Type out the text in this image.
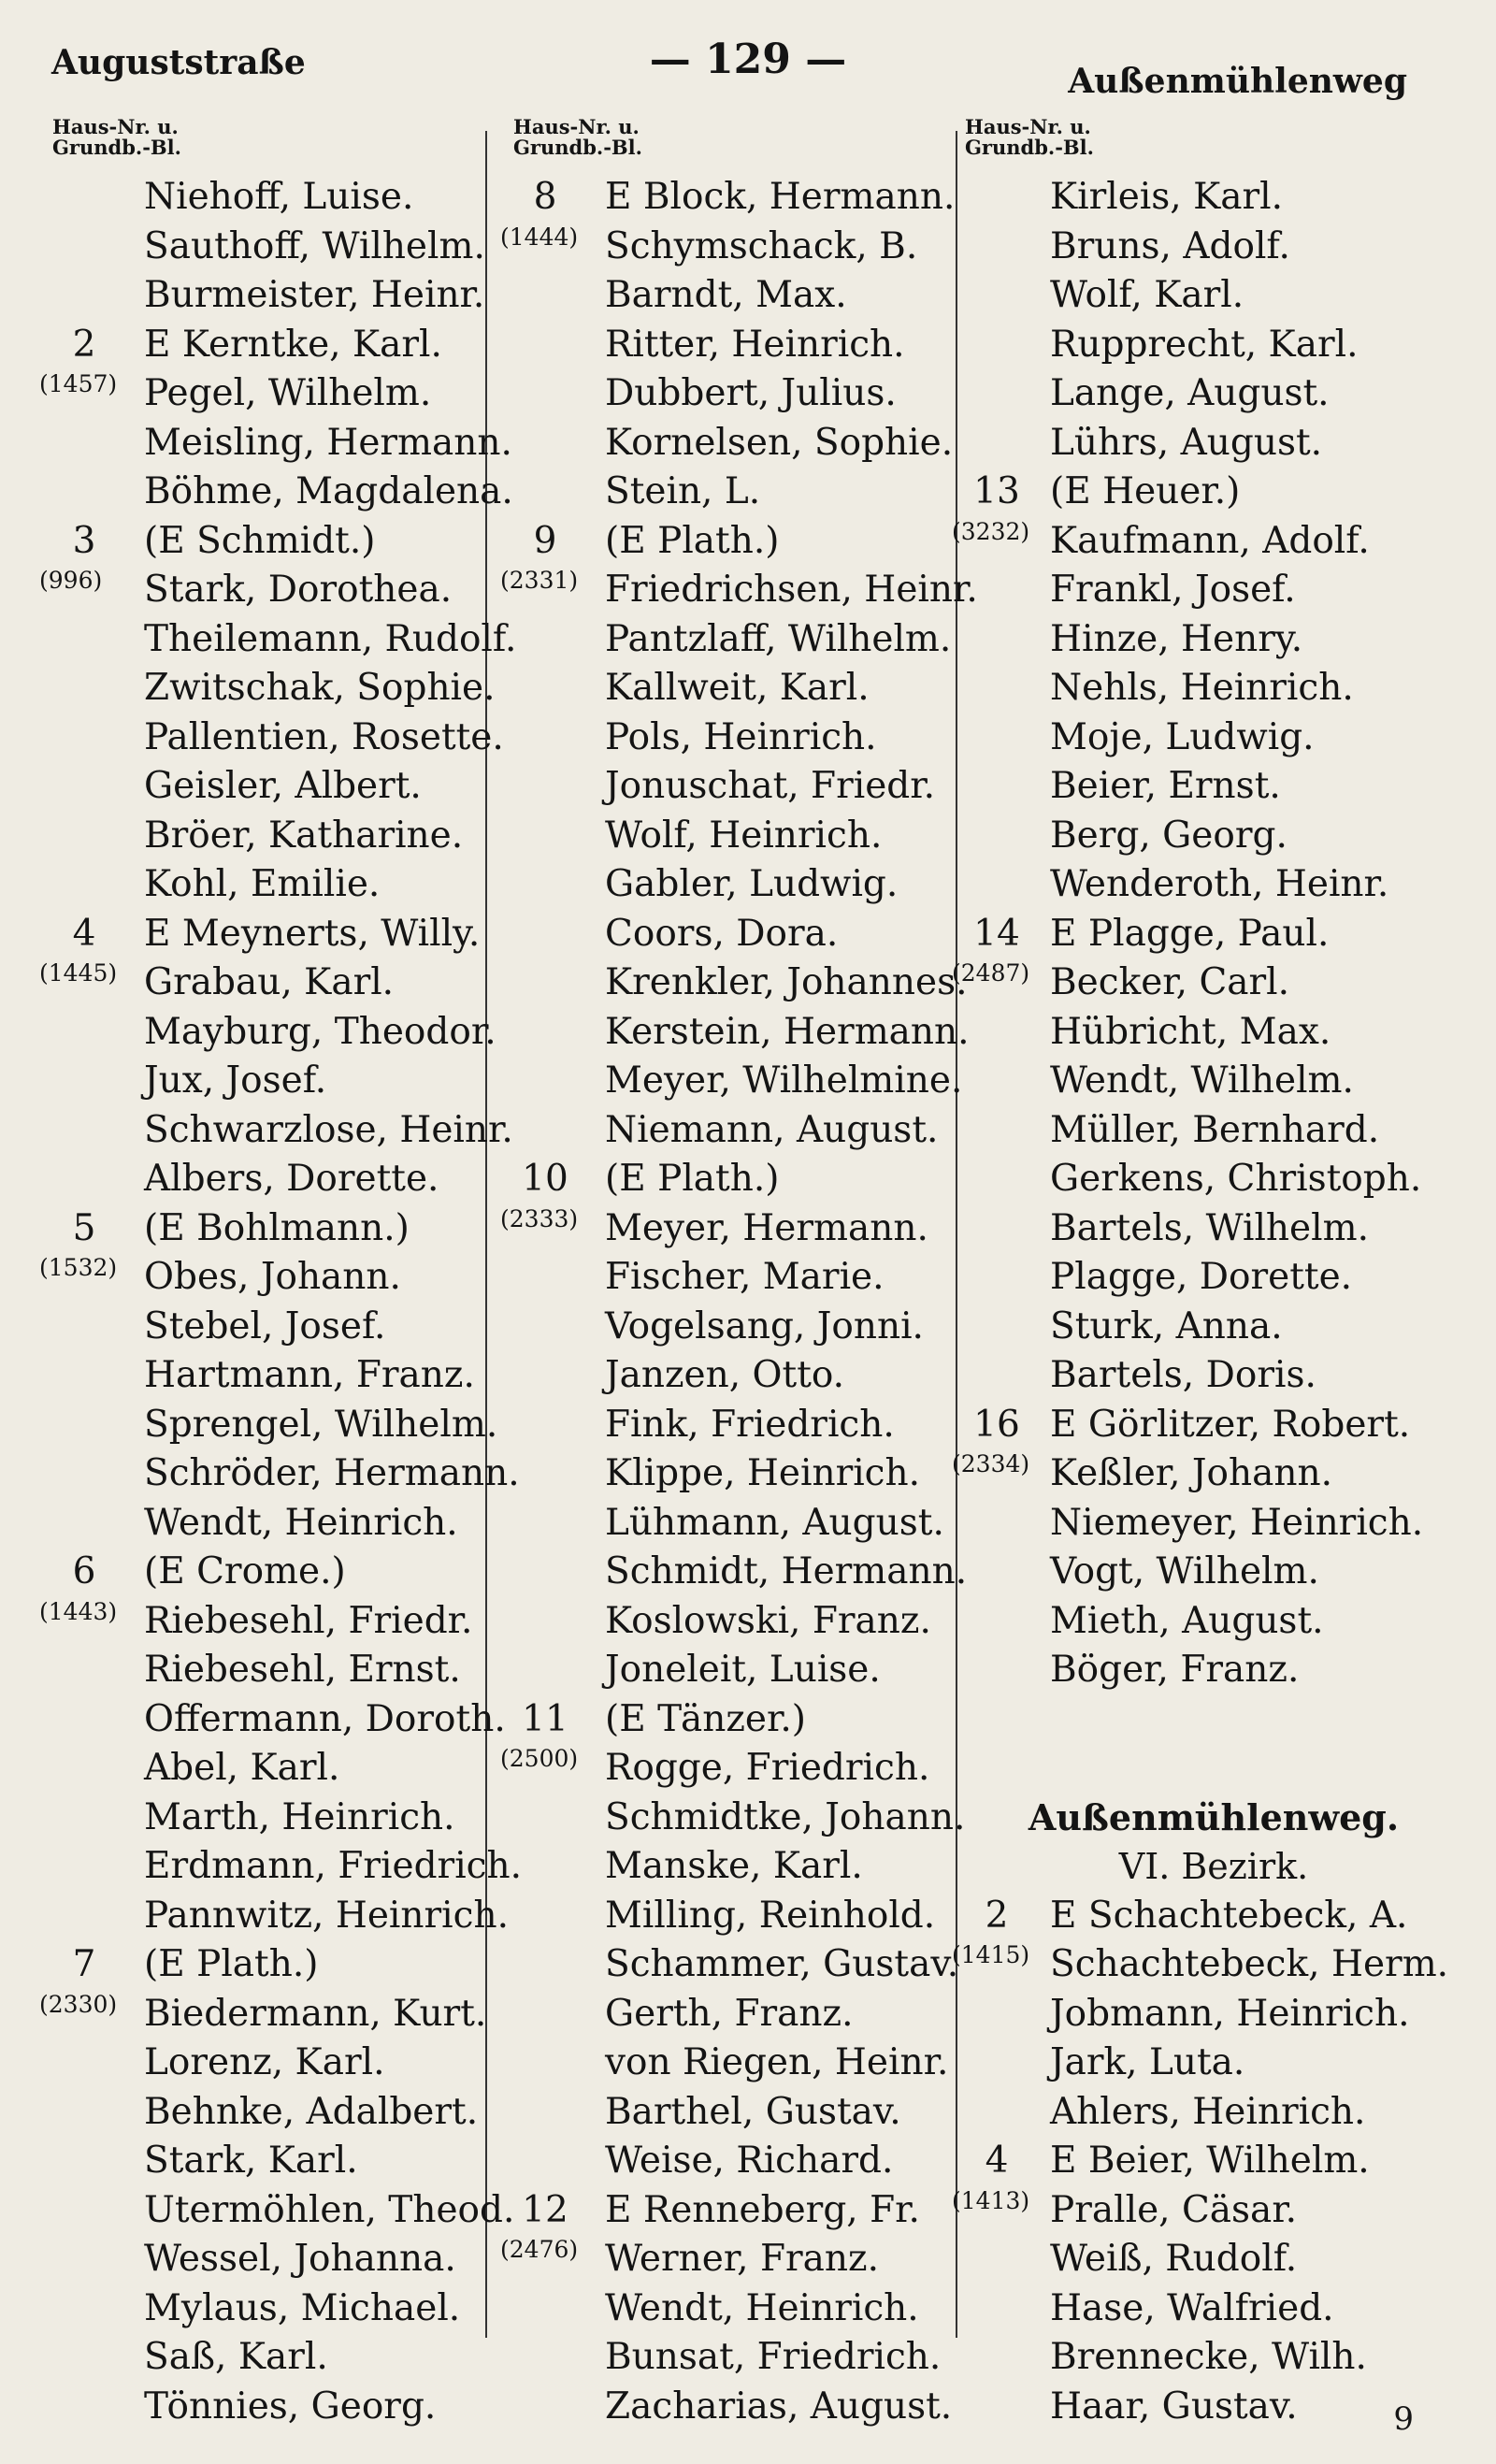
Auguststraße	— 129 —	Außenmühlenweg
Haus-Nr. u.
Grundb.-Bl.
Niehoff, Luise.
Sauthoff, Wilhelm.
Burmeister, Heinr.
2	E Kerntke, Karl.
(1457) Pegel, Wilhelm.
Meisling, Hermann.
Böhme, Magdalena.
3	(E Schmidt.)
(996) Stark, Dorothea.
Theilemann, Rudolf.
Zwitschak, Sophie.
Pallentien, Rosette.
Geisler, Albert.
Bröer, Katharine.
Kohl, Emilie.
4	E Meynerts, Willy.
(1445) Grabau, Karl.
Mayburg, Theodor.
Jux, Josef.
Schwarzlose, Heinr.
Albers, Dorette.
5	(E Bohlmann.)
(1532) Obes, Johann.
Stebel, Josef.
Hartmann, Franz.
Sprengel, Wilhelm.
Schröder, Hermann.
Wendt, Heinrich.
6	(E Crome.)
(1443) Riebesehl, Friedr.
Riebesehl, Ernst.
Offermann, Doroth.
Abel, Karl.
Marth, Heinrich.
Erdmann, Friedrich.
Pannwitz, Heinrich.
7	(E Plath.)
(2330) Biedermann, Kurt.
Lorenz, Karl.
Behnke, Adalbert.
Stark, Karl.
Utermöhlen, Theod.
Wessel, Johanna.
Mylaus, Michael.
Saß, Karl.
Tönnies, Georg.
Haus-Nr. u.
Grundb.-Bl.
8	E Block, Hermann.
(1444) Schymschack, B.
Barndt, Max.
Ritter, Heinrich.
Dubbert, Julius.
Kornelsen, Sophie.
Stein, L.
9	(E Plath.)
(2331) Friedrichsen, Heinr.
Pantzlaff, Wilhelm.
Kallweit, Karl.
Pols, Heinrich.
Jonuschat, Friedr.
Wolf, Heinrich.
Gabler, Ludwig.
Coors, Dora.
Krenkler, Johannes.
Kerstein, Hermann.
Meyer, Wilhelmine.
Niemann, August.
10 (E Plath.)
(2333) Meyer, Hermann.
Fischer, Marie.
Vogelsang, Jonni.
Janzen, Otto.
Fink, Friedrich.
Klippe, Heinrich.
Lühmann, August.
Schmidt, Hermann.
Koslowski, Franz.
Joneleit, Luise.
11 (E Tänzer.)
(2500) Rogge, Friedrich.
Schmidtke, Johann.
Manske, Karl.
Milling, Reinhold.
Schammer, Gustav.
Gerth, Franz.
von Riegen, Heinr.
Barthel, Gustav.
Weise, Richard.
12 E Renneberg, Fr.
(2476) Werner, Franz.
Wendt, Heinrich.
Bunsat, Friedrich.
Zacharias, August.
Haus-Nr. u.
Grundb.-Bl.
Kirleis, Karl.
Bruns, Adolf.
Wolf, Karl.
Rupprecht, Karl.
Lange, August.
Lührs, August.
13 (E Heuer.)
(3232) Kaufmann, Adolf.
Frankl, Josef.
Hinze, Henry.
Nehls, Heinrich.
Moje, Ludwig.
Beier, Ernst.
Berg, Georg.
Wenderoth, Heinr.
14 E Plagge, Paul.
(2487) Becker, Carl.
Hübricht, Max.
Wendt, Wilhelm.
Müller, Bernhard.
Gerkens, Christoph.
Bartels, Wilhelm.
Plagge, Dorette.
Sturk, Anna.
Bartels, Doris.
16 E Görlitzer, Robert.
(2334) Keßler, Johann.
Niemeyer, Heinrich.
Vogt, Wilhelm.
Mieth, August.
Böger, Franz.
Außenmühlenweg.
VI. Bezirk.
2	E Schachtebeck, A.
(1415) Schachtebeck, Herm.
Jobmann, Heinrich.
Jark, Luta.
Ahlers, Heinrich.
4	E Beier, Wilhelm.
(1413) Pralle, Cäsar.
Weiß, Rudolf.
Hase, Walfried.
Brennecke, Wilh.
Haar, Gustav.	9
